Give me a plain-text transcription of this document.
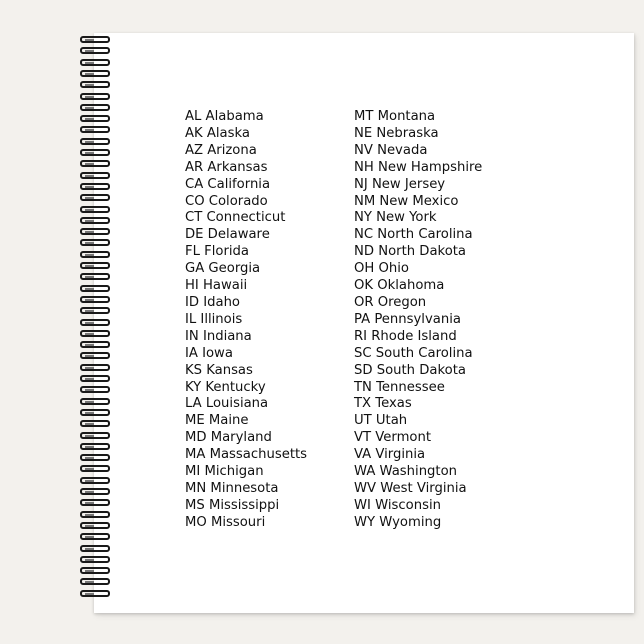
AL Alabama
AK Alaska
AZ Arizona
AR Arkansas
CA California
CO Colorado
CT Connecticut
DE Delaware
FL Florida
GA Georgia
HI Hawaii
ID Idaho
IL Illinois
IN Indiana
IA Iowa
KS Kansas
KY Kentucky
LA Louisiana
ME Maine
MD Maryland
MA Massachusetts
MI Michigan
MN Minnesota
MS Mississippi
MO Missouri
MT Montana
NE Nebraska
NV Nevada
NH New Hampshire
NJ New Jersey
NM New Mexico
NY New York
NC North Carolina
ND North Dakota
OH Ohio
OK Oklahoma
OR Oregon
PA Pennsylvania
RI Rhode Island
SC South Carolina
SD South Dakota
TN Tennessee
TX Texas
UT Utah
VT Vermont
VA Virginia
WA Washington
WV West Virginia
WI Wisconsin
WY Wyoming
